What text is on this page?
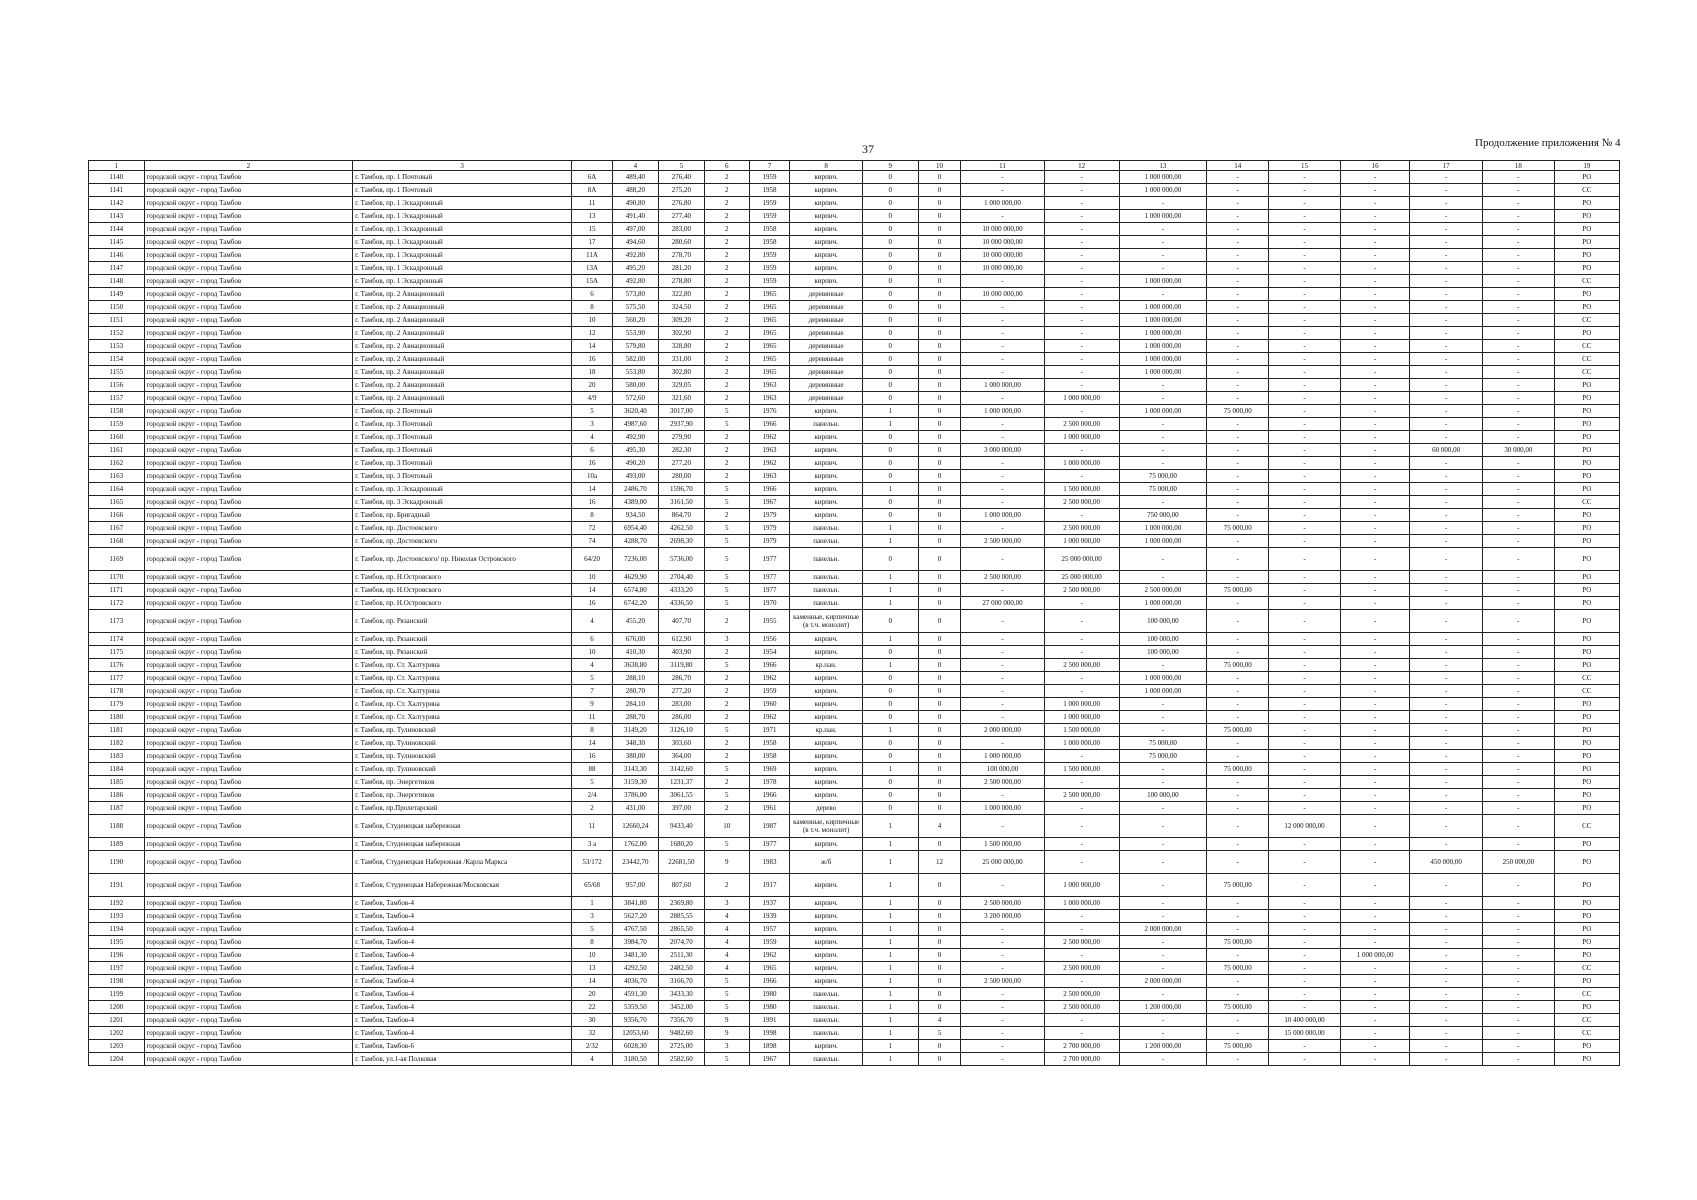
37	Продолжение приложения № 4
1	2	3		4	5	6	7	8	9	10	11	12	13	14	15	16	17	18	19
1140	городской округ - город Тамбов	г. Тамбов, пр. 1 Почтовый	6А	489,40	276,40	2	1959	кирпич.	0	0	-	-	1 000 000,00	-	-	-	-	-	РО
1141	городской округ - город Тамбов	г. Тамбов, пр. 1 Почтовый	8А	488,20	275,20	2	1958	кирпич.	0	0	-	-	1 000 000,00	-	-	-	-	-	СС
1142	городской округ - город Тамбов	г. Тамбов, пр. 1 Эскадронный	11	490,80	276,80	2	1959	кирпич.	0	0	1 000 000,00	-	-	-	-	-	-	-	РО
1143	городской округ - город Тамбов	г. Тамбов, пр. 1 Эскадронный	13	491,40	277,40	2	1959	кирпич.	0	0	-	-	1 000 000,00	-	-	-	-	-	РО
1144	городской округ - город Тамбов	г. Тамбов, пр. 1 Эскадронный	15	497,00	283,00	2	1958	кирпич.	0	0	10 000 000,00	-	-	-	-	-	-	-	РО
1145	городской округ - город Тамбов	г. Тамбов, пр. 1 Эскадронный	17	494,60	280,60	2	1958	кирпич.	0	0	10 000 000,00	-	-	-	-	-	-	-	РО
1146	городской округ - город Тамбов	г. Тамбов, пр. 1 Эскадронный	11А	492,80	278,70	2	1959	кирпич.	0	0	10 000 000,00	-	-	-	-	-	-	-	РО
1147	городской округ - город Тамбов	г. Тамбов, пр. 1 Эскадронный	13А	495,20	281,20	2	1959	кирпич.	0	0	10 000 000,00	-	-	-	-	-	-	-	РО
1148	городской округ - город Тамбов	г. Тамбов, пр. 1 Эскадронный	15А	492,80	278,80	2	1959	кирпич.	0	0	-	-	1 000 000,00	-	-	-	-	-	СС
1149	городской округ - город Тамбов	г. Тамбов, пр. 2 Авиационный	6	573,80	322,80	2	1965	деревянные	0	0	10 000 000,00	-	-	-	-	-	-	-	РО
1150	городской округ - город Тамбов	г. Тамбов, пр. 2 Авиационный	8	575,50	324,50	2	1965	деревянные	0	0	-	-	1 000 000,00	-	-	-	-	-	РО
1151	городской округ - город Тамбов	г. Тамбов, пр. 2 Авиационный	10	560,20	309,20	2	1965	деревянные	0	0	-	-	1 000 000,00	-	-	-	-	-	СС
1152	городской округ - город Тамбов	г. Тамбов, пр. 2 Авиационный	12	553,90	302,90	2	1965	деревянные	0	0	-	-	1 000 000,00	-	-	-	-	-	РО
1153	городской округ - город Тамбов	г. Тамбов, пр. 2 Авиационный	14	579,80	328,80	2	1965	деревянные	0	0	-	-	1 000 000,00	-	-	-	-	-	СС
1154	городской округ - город Тамбов	г. Тамбов, пр. 2 Авиационный	16	582,00	331,00	2	1965	деревянные	0	0	-	-	1 000 000,00	-	-	-	-	-	СС
1155	городской округ - город Тамбов	г. Тамбов, пр. 2 Авиационный	18	553,80	302,80	2	1965	деревянные	0	0	-	-	1 000 000,00	-	-	-	-	-	СС
1156	городской округ - город Тамбов	г. Тамбов, пр. 2 Авиационный	20	580,00	329,05	2	1963	деревянные	0	0	1 000 000,00	-	-	-	-	-	-	-	РО
1157	городской округ - город Тамбов	г. Тамбов, пр. 2 Авиационный	4/9	572,60	321,60	2	1963	деревянные	0	0	-	1 000 000,00	-	-	-	-	-	-	РО
1158	городской округ - город Тамбов	г. Тамбов, пр. 2 Почтовый	5	3620,40	3017,00	5	1976	кирпич.	1	0	1 000 000,00	-	1 000 000,00	75 000,00	-	-	-	-	РО
1159	городской округ - город Тамбов	г. Тамбов, пр. 3 Почтовый	3	4987,60	2937,90	5	1966	панельн.	1	0	-	2 500 000,00	-	-	-	-	-	-	РО
1160	городской округ - город Тамбов	г. Тамбов, пр. 3 Почтовый	4	492,90	279,90	2	1962	кирпич.	0	0	-	1 000 000,00	-	-	-	-	-	-	РО
1161	городской округ - город Тамбов	г. Тамбов, пр. 3 Почтовый	6	495,30	282,30	2	1963	кирпич.	0	0	3 000 000,00	-	-	-	-	-	60 000,00	30 000,00	РО
1162	городской округ - город Тамбов	г. Тамбов, пр. 3 Почтовый	16	490,20	277,20	2	1962	кирпич.	0	0	-	1 000 000,00	-	-	-	-	-	-	РО
1163	городской округ - город Тамбов	г. Тамбов, пр. 3 Почтовый	10а	493,00	280,00	2	1963	кирпич.	0	0	-	-	75 000,00	-	-	-	-	-	РО
1164	городской округ - город Тамбов	г. Тамбов, пр. 3 Эскадронный	14	2486,70	1596,70	5	1966	кирпич.	1	0	-	1 500 000,00	75 000,00	-	-	-	-	-	РО
1165	городской округ - город Тамбов	г. Тамбов, пр. 3 Эскадронный	16	4389,00	3161,50	5	1967	кирпич.	0	0	-	2 500 000,00	-	-	-	-	-	-	СС
1166	городской округ - город Тамбов	г. Тамбов, пр. Бригадный	8	934,50	864,70	2	1979	кирпич.	0	0	1 000 000,00	-	750 000,00	-	-	-	-	-	РО
1167	городской округ - город Тамбов	г. Тамбов, пр. Достоевского	72	6954,40	4262,50	5	1979	панельн.	1	0	-	2 500 000,00	1 000 000,00	75 000,00	-	-	-	-	РО
1168	городской округ - город Тамбов	г. Тамбов, пр. Достоевского	74	4288,70	2698,30	5	1979	панельн.	1	0	2 500 000,00	1 000 000,00	1 000 000,00	-	-	-	-	-	РО
1169	городской округ - город Тамбов	г. Тамбов, пр. Достоевского/ пр. Николая Островского	64/20	7236,00	5736,00	5	1977	панельн.	0	0	-	25 000 000,00	-	-	-	-	-	-	РО
1170	городской округ - город Тамбов	г. Тамбов, пр. Н.Островского	10	4629,90	2704,40	5	1977	панельн.	1	0	2 500 000,00	25 000 000,00	-	-	-	-	-	-	РО
1171	городской округ - город Тамбов	г. Тамбов, пр. Н.Островского	14	6574,80	4333,20	5	1977	панельн.	1	0	-	2 500 000,00	2 500 000,00	75 000,00	-	-	-	-	РО
1172	городской округ - город Тамбов	г. Тамбов, пр. Н.Островского	16	6742,20	4336,50	5	1970	панельн.	1	0	27 000 000,00	-	1 000 000,00	-	-	-	-	-	РО
1173	городской округ - город Тамбов	г. Тамбов, пр. Рязанский	4	455,20	407,70	2	1955	каменные, кирпичные (в т.ч. монолит)	0	0	-	-	100 000,00	-	-	-	-	-	РО
1174	городской округ - город Тамбов	г. Тамбов, пр. Рязанский	6	676,00	612,90	3	1956	кирпич.	1	0	-	-	100 000,00	-	-	-	-	-	РО
1175	городской округ - город Тамбов	г. Тамбов, пр. Рязанский	10	410,30	403,90	2	1954	кирпич.	0	0	-	-	100 000,00	-	-	-	-	-	РО
1176	городской округ - город Тамбов	г. Тамбов, пр. Ст. Халтурина	4	3638,80	3119,80	5	1966	кр.пан.	1	0	-	2 500 000,00	-	75 000,00	-	-	-	-	РО
1177	городской округ - город Тамбов	г. Тамбов, пр. Ст. Халтурина	5	288,10	286,70	2	1962	кирпич.	0	0	-	-	1 000 000,00	-	-	-	-	-	СС
1178	городской округ - город Тамбов	г. Тамбов, пр. Ст. Халтурина	7	280,70	277,20	2	1959	кирпич.	0	0	-	-	1 000 000,00	-	-	-	-	-	СС
1179	городской округ - город Тамбов	г. Тамбов, пр. Ст. Халтурина	9	284,10	283,00	2	1960	кирпич.	0	0	-	1 000 000,00	-	-	-	-	-	-	РО
1180	городской округ - город Тамбов	г. Тамбов, пр. Ст. Халтурина	11	288,70	286,00	2	1962	кирпич.	0	0	-	1 000 000,00	-	-	-	-	-	-	РО
1181	городской округ - город Тамбов	г. Тамбов, пр. Тулиновский	8	3149,20	3126,10	5	1971	кр.пан.	1	0	2 000 000,00	1 500 000,00	-	75 000,00	-	-	-	-	РО
1182	городской округ - город Тамбов	г. Тамбов, пр. Тулиновский	14	348,30	303,60	2	1958	кирпич.	0	0	-	1 000 000,00	75 000,00	-	-	-	-	-	РО
1183	городской округ - город Тамбов	г. Тамбов, пр. Тулиновский	16	380,00	364,00	2	1958	кирпич.	0	0	1 000 000,00	-	75 000,00	-	-	-	-	-	РО
1184	городской округ - город Тамбов	г. Тамбов, пр. Тулиновский	88	3143,30	3142,60	5	1969	кирпич.	1	0	100 000,00	1 500 000,00	-	75 000,00	-	-	-	-	РО
1185	городской округ - город Тамбов	г. Тамбов, пр. Энергетиков	5	3159,30	1231,37	2	1978	кирпич.	0	0	2 500 000,00	-	-	-	-	-	-	-	РО
1186	городской округ - город Тамбов	г. Тамбов, пр. Энергетиков	2/4	3786,00	3061,55	5	1966	кирпич.	0	0	-	2 500 000,00	100 000,00	-	-	-	-	-	РО
1187	городской округ - город Тамбов	г. Тамбов, пр.Пролетарский	2	431,00	397,00	2	1961	дерево	0	0	1 000 000,00	-	-	-	-	-	-	-	РО
1188	городской округ - город Тамбов	г. Тамбов, Студенецкая набережная	11	12660,24	9433,40	10	1987	каменные, кирпичные (в т.ч. монолит)	1	4	-	-	-	-	12 000 000,00	-	-	-	СС
1189	городской округ - город Тамбов	г. Тамбов, Студенецкая набережная	3 а	1762,00	1680,20	5	1977	кирпич.	1	0	1 500 000,00	-	-	-	-	-	-	-	РО
1190	городской округ - город Тамбов	г. Тамбов, Студенецкая Набережная /Карла Маркса	53/172	23442,70	22681,50	9	1983	ж/б	1	12	25 000 000,00	-	-	-	-	-	450 000,00	250 000,00	РО
1191	городской округ - город Тамбов	г. Тамбов, Студенецкая Набережная/Московская	65/68	957,00	807,60	2	1917	кирпич.	1	0	-	1 000 000,00	-	75 000,00	-	-	-	-	РО
1192	городской округ - город Тамбов	г. Тамбов, Тамбов-4	1	3841,80	2369,80	3	1937	кирпич.	1	0	2 500 000,00	1 000 000,00	-	-	-	-	-	-	РО
1193	городской округ - город Тамбов	г. Тамбов, Тамбов-4	3	5627,20	2885,55	4	1939	кирпич.	1	0	3 200 000,00	-	-	-	-	-	-	-	РО
1194	городской округ - город Тамбов	г. Тамбов, Тамбов-4	5	4767,50	2865,50	4	1957	кирпич.	1	0	-	-	2 000 000,00	-	-	-	-	-	РО
1195	городской округ - город Тамбов	г. Тамбов, Тамбов-4	8	3984,70	2074,70	4	1959	кирпич.	1	0	-	2 500 000,00	-	75 000,00	-	-	-	-	РО
1196	городской округ - город Тамбов	г. Тамбов, Тамбов-4	10	3481,30	2511,30	4	1962	кирпич.	1	0	-	-	-	-	-	1 000 000,00	-	-	РО
1197	городской округ - город Тамбов	г. Тамбов, Тамбов-4	13	4292,50	2482,50	4	1965	кирпич.	1	0	-	2 500 000,00	-	75 000,00	-	-	-	-	СС
1198	городской округ - город Тамбов	г. Тамбов, Тамбов-4	14	4036,70	3166,70	5	1966	кирпич.	1	0	2 500 000,00	-	2 000 000,00	-	-	-	-	-	РО
1199	городской округ - город Тамбов	г. Тамбов, Тамбов-4	20	4591,30	3433,30	5	1980	панельн.	1	0	-	2 500 000,00	-	-	-	-	-	-	СС
1200	городской округ - город Тамбов	г. Тамбов, Тамбов-4	22	5359,50	3452,00	5	1980	панельн.	1	0	-	2 500 000,00	1 200 000,00	75 000,00	-	-	-	-	РО
1201	городской округ - город Тамбов	г. Тамбов, Тамбов-4	30	9356,70	7356,70	9	1991	панельн.	1	4	-	-	-	-	10 400 000,00	-	-	-	СС
1202	городской округ - город Тамбов	г. Тамбов, Тамбов-4	32	12053,60	9482,60	9	1998	панельн.	1	5	-	-	-	-	15 000 000,00	-	-	-	СС
1203	городской округ - город Тамбов	г. Тамбов, Тамбов-6	2/32	6028,30	2725,00	3	1898	кирпич.	1	0	-	2 700 000,00	1 200 000,00	75 000,00	-	-	-	-	РО
1204	городской округ - город Тамбов	г. Тамбов, ул.1-ая Полковая	4	3180,50	2582,60	5	1967	панельн.	1	0	-	2 700 000,00	-	-	-	-	-	-	РО
